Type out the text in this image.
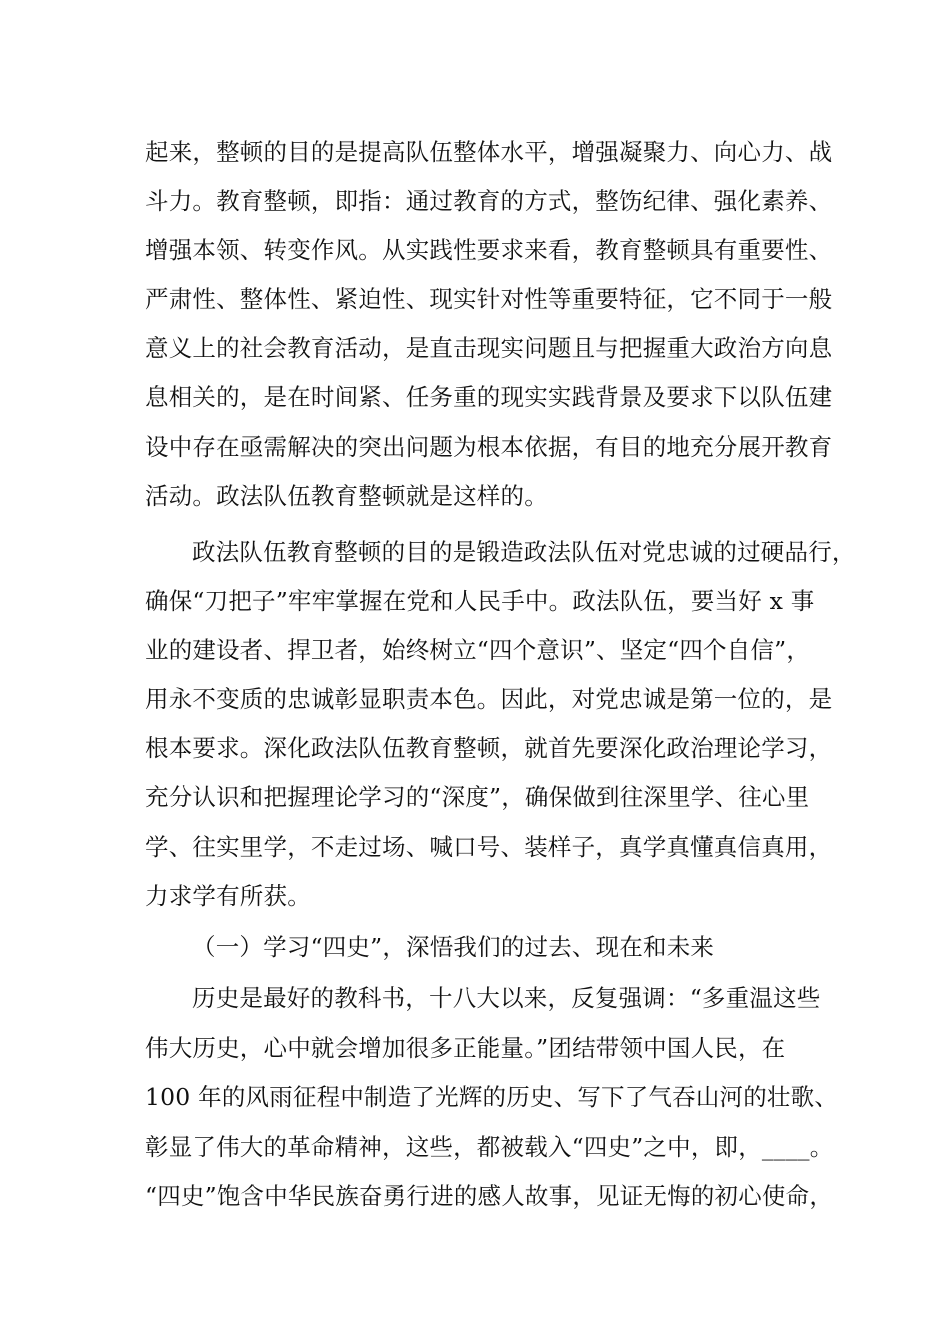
起来，整顿的目的是提高队伍整体水平，增强凝聚力、向心力、战
斗力。教育整顿，即指：通过教育的方式，整饬纪律、强化素养、
增强本领、转变作风。从实践性要求来看，教育整顿具有重要性、
严肃性、整体性、紧迫性、现实针对性等重要特征，它不同于一般
意义上的社会教育活动，是直击现实问题且与把握重大政治方向息
息相关的，是在时间紧、任务重的现实实践背景及要求下以队伍建
设中存在亟需解决的突出问题为根本依据，有目的地充分展开教育
活动。政法队伍教育整顿就是这样的。
政法队伍教育整顿的目的是锻造政法队伍对党忠诚的过硬品行，
确保“刀把子”牢牢掌握在党和人民手中。政法队伍，要当好 x 事
业的建设者、捍卫者，始终树立“四个意识”、坚定“四个自信”，
用永不变质的忠诚彰显职责本色。因此，对党忠诚是第一位的，是
根本要求。深化政法队伍教育整顿，就首先要深化政治理论学习，
充分认识和把握理论学习的“深度”，确保做到往深里学、往心里
学、往实里学，不走过场、喊口号、装样子，真学真懂真信真用，
力求学有所获。
（一）学习“四史”，深悟我们的过去、现在和未来
历史是最好的教科书，十八大以来，反复强调：“多重温这些
伟大历史，心中就会增加很多正能量。”团结带领中国人民，在
100 年的风雨征程中制造了光辉的历史、写下了气吞山河的壮歌、
彰显了伟大的革命精神，这些，都被载入“四史”之中，即，____。
“四史”饱含中华民族奋勇行进的感人故事，见证无悔的初心使命，
